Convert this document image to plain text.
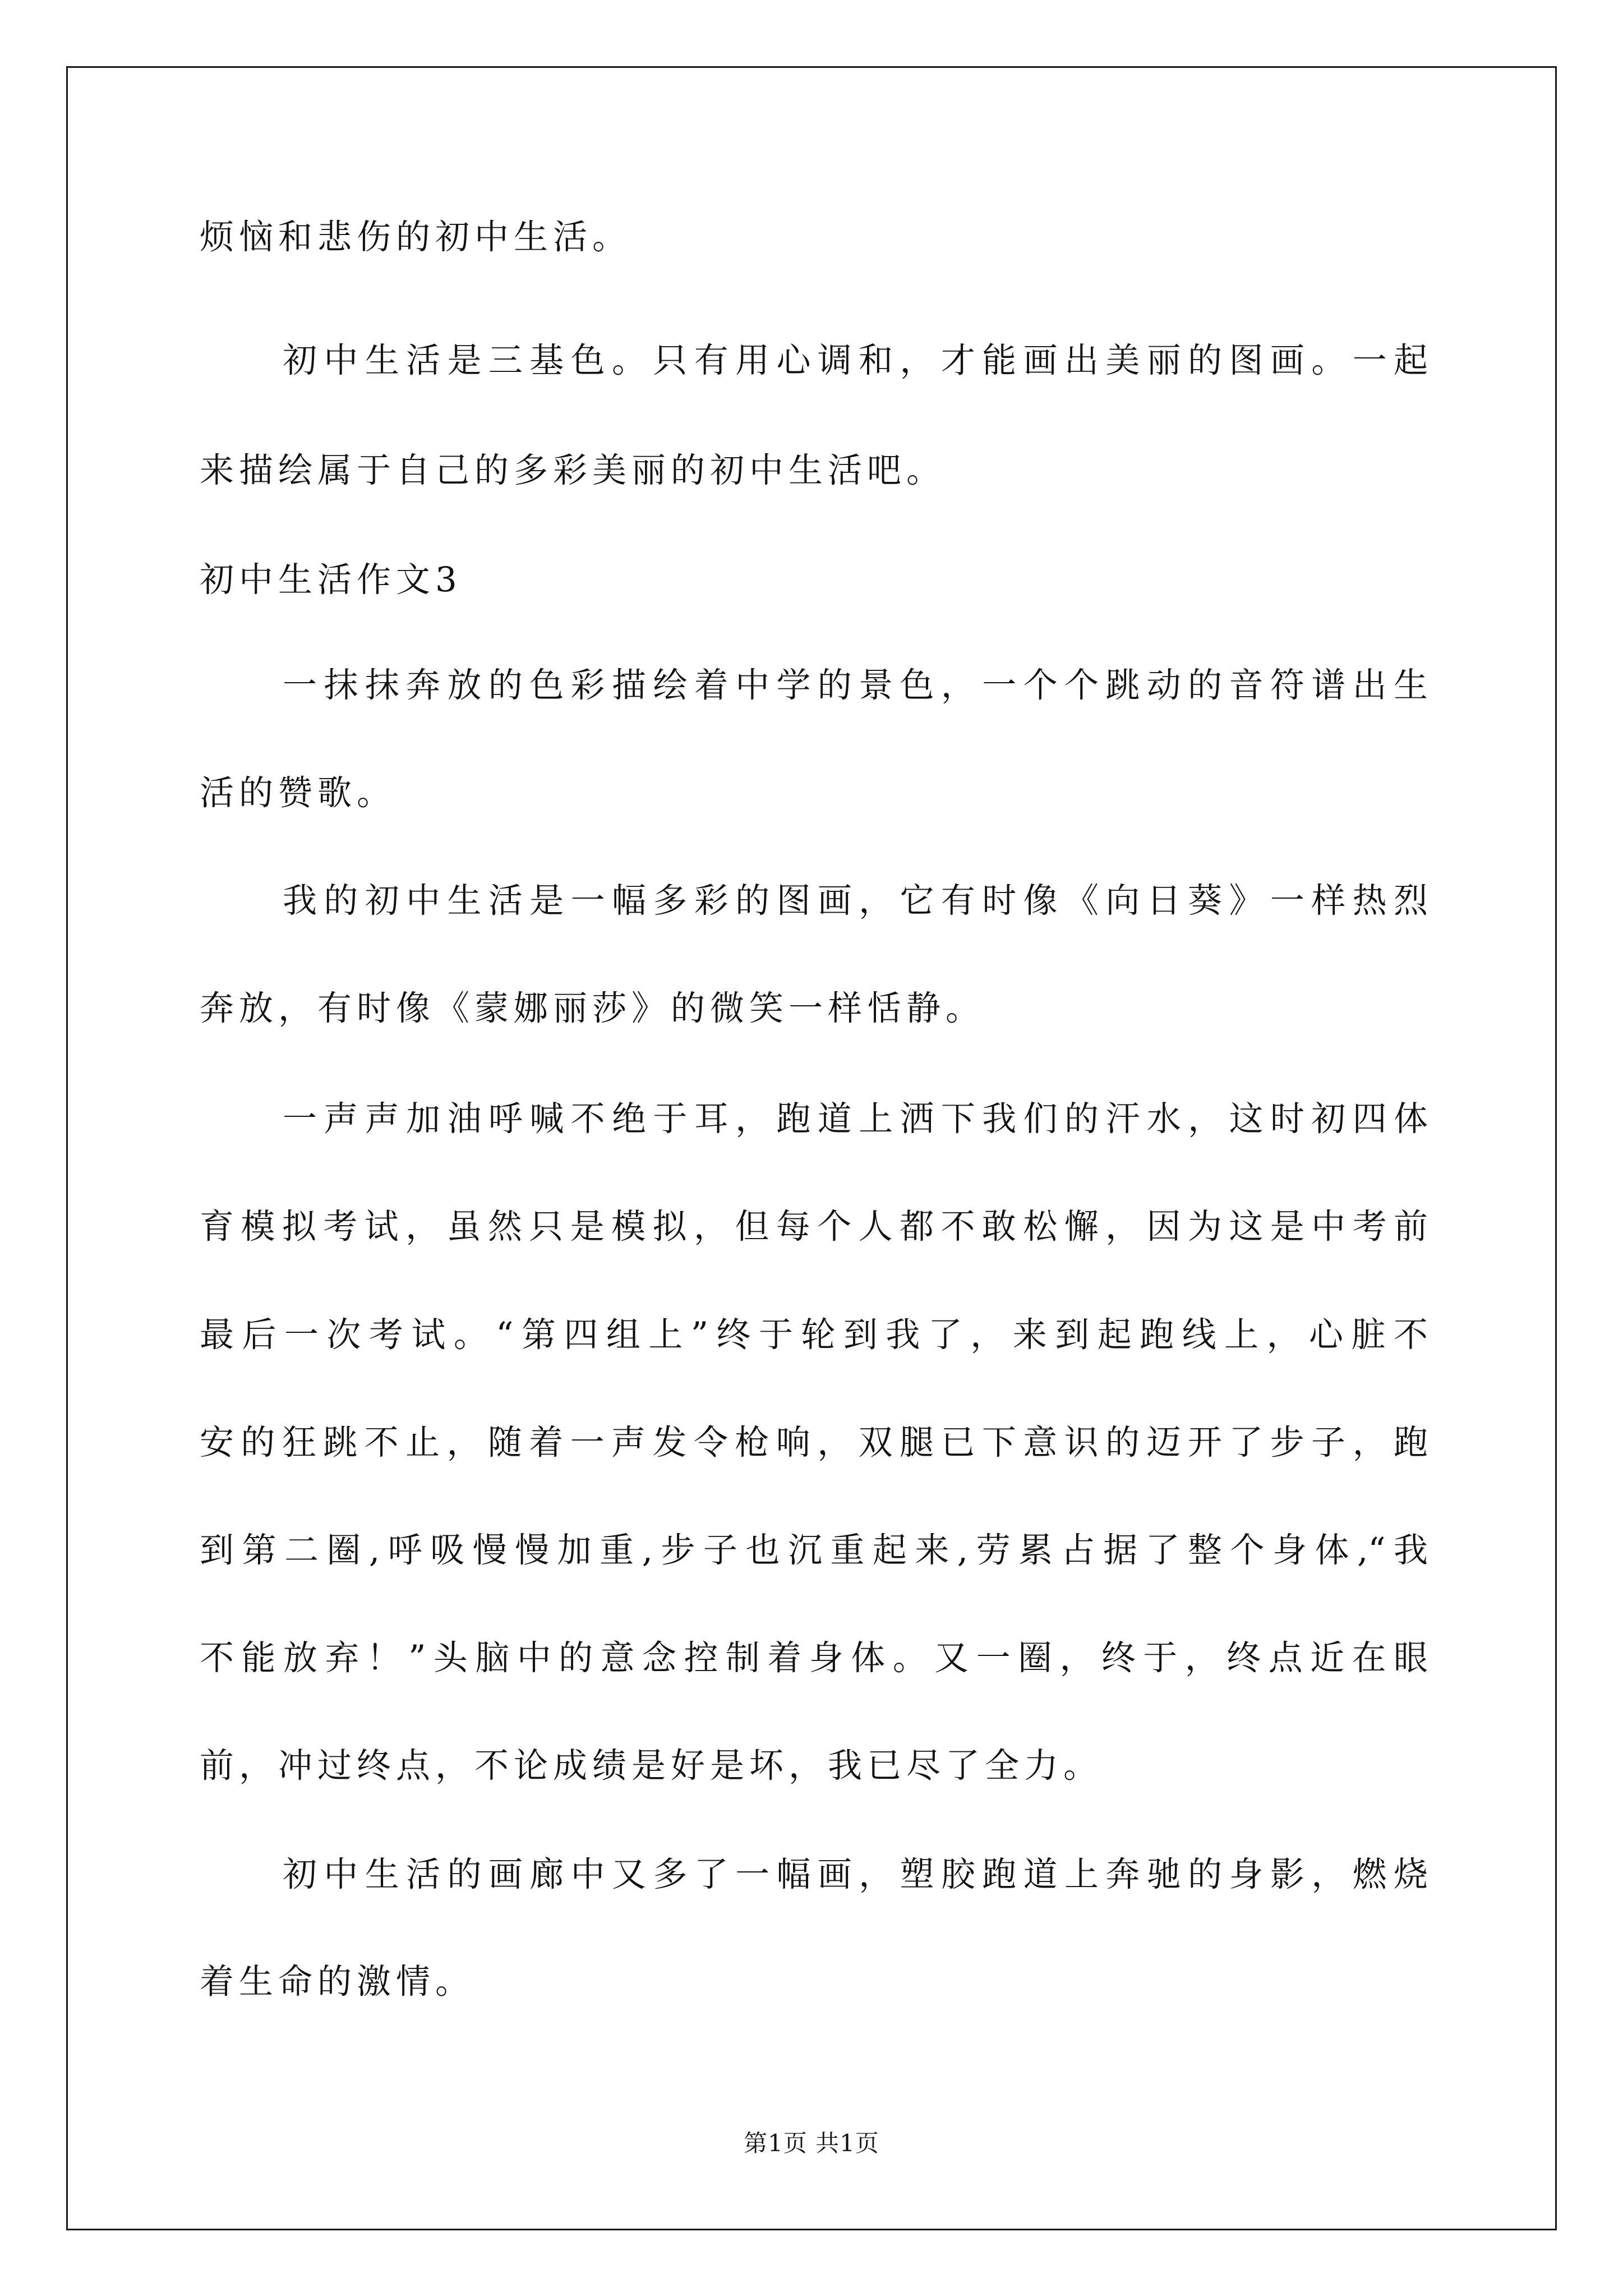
烦恼和悲伤的初中生活。
初中生活是三基色。只有用心调和，才能画出美丽的图画。一起
来描绘属于自己的多彩美丽的初中生活吧。
初中生活作文3
一抹抹奔放的色彩描绘着中学的景色，一个个跳动的音符谱出生
活的赞歌。
我的初中生活是一幅多彩的图画，它有时像《向日葵》一样热烈
奔放，有时像《蒙娜丽莎》的微笑一样恬静。
一声声加油呼喊不绝于耳，跑道上洒下我们的汗水，这时初四体
育模拟考试，虽然只是模拟，但每个人都不敢松懈，因为这是中考前
最后一次考试。“第四组上”终于轮到我了，来到起跑线上，心脏不
安的狂跳不止，随着一声发令枪响，双腿已下意识的迈开了步子，跑
到第二圈,呼吸慢慢加重,步子也沉重起来,劳累占据了整个身体,“我
不能放弃！”头脑中的意念控制着身体。又一圈，终于，终点近在眼
前，冲过终点，不论成绩是好是坏，我已尽了全力。
初中生活的画廊中又多了一幅画，塑胶跑道上奔驰的身影，燃烧
着生命的激情。
第1页 共1页
